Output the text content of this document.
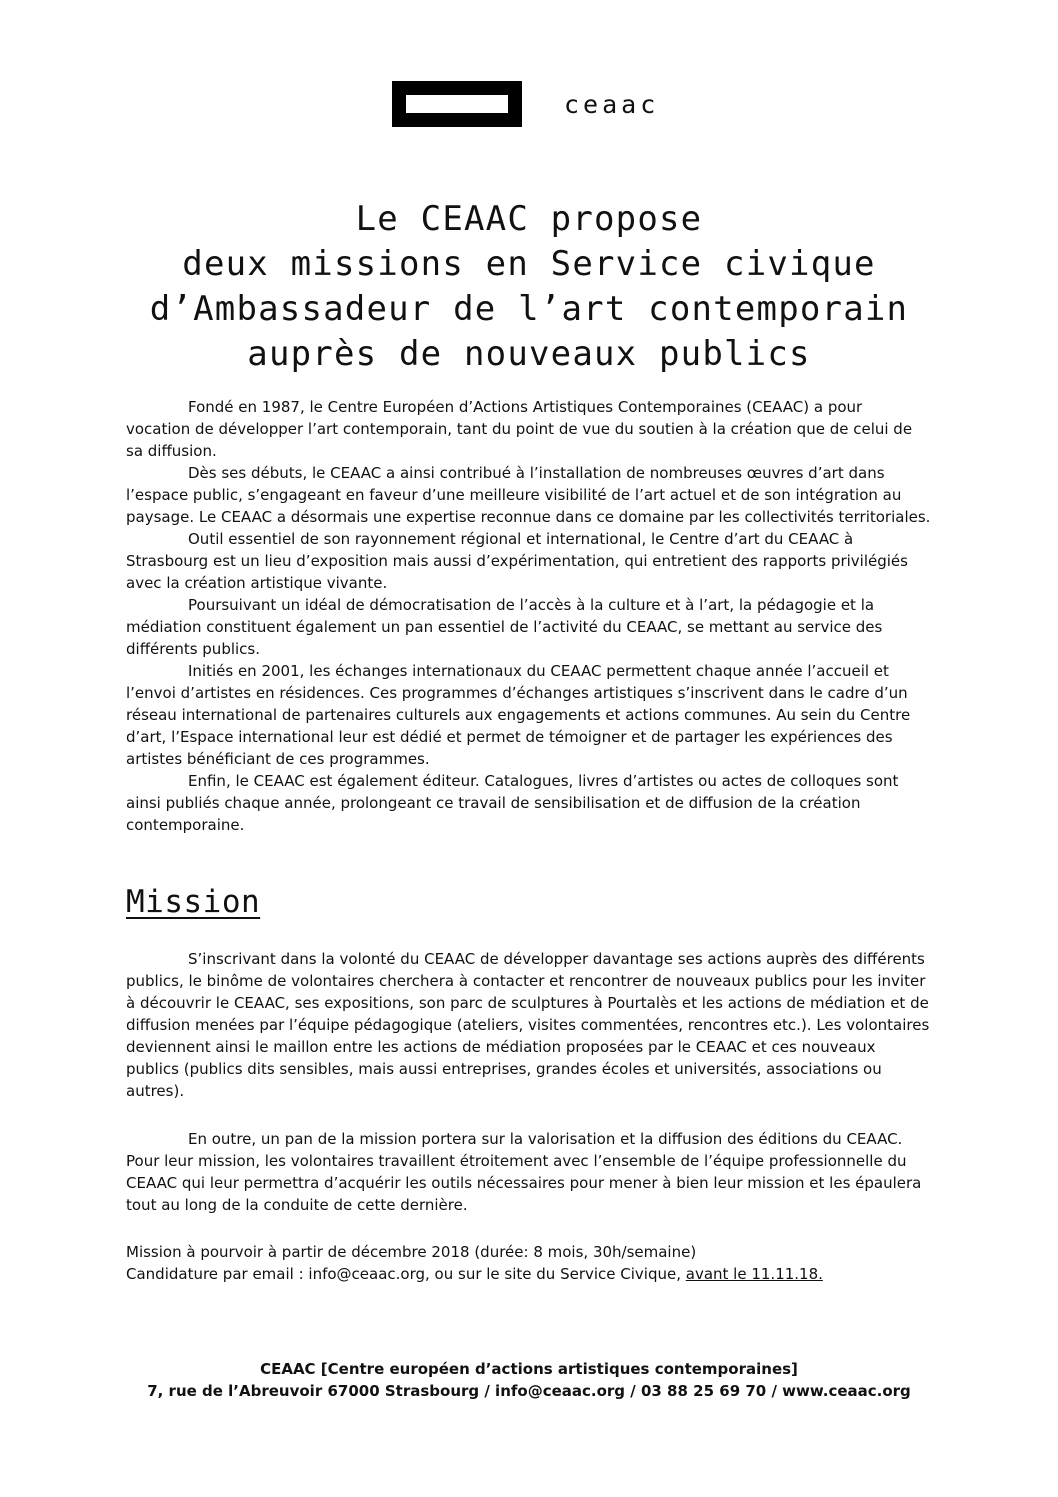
ceaac
Le CEAAC propose
deux missions en Service civique
d’Ambassadeur de l’art contemporain
auprès de nouveaux publics

Fondé en 1987, le Centre Européen d’Actions Artistiques Contemporaines (CEAAC) a pour vocation de développer l’art contemporain, tant du point de vue du soutien à la création que de celui de sa diffusion.

Dès ses débuts, le CEAAC a ainsi contribué à l’installation de nombreuses œuvres d’art dans l’espace public, s’engageant en faveur d’une meilleure visibilité de l’art actuel et de son intégration au paysage. Le CEAAC a désormais une expertise reconnue dans ce domaine par les collectivités territoriales.

Outil essentiel de son rayonnement régional et international, le Centre d’art du CEAAC à Strasbourg est un lieu d’exposition mais aussi d’expérimentation, qui entretient des rapports privilégiés avec la création artistique vivante.

Poursuivant un idéal de démocratisation de l’accès à la culture et à l’art, la pédagogie et la médiation constituent également un pan essentiel de l’activité du CEAAC, se mettant au service des différents publics.

Initiés en 2001, les échanges internationaux du CEAAC permettent chaque année l’accueil et l’envoi d’artistes en résidences. Ces programmes d’échanges artistiques s’inscrivent dans le cadre d’un réseau international de partenaires culturels aux engagements et actions communes. Au sein du Centre d’art, l’Espace international leur est dédié et permet de témoigner et de partager les expériences des artistes bénéficiant de ces programmes.

Enfin, le CEAAC est également éditeur. Catalogues, livres d’artistes ou actes de colloques sont ainsi publiés chaque année, prolongeant ce travail de sensibilisation et de diffusion de la création contemporaine.

Mission

S’inscrivant dans la volonté du CEAAC de développer davantage ses actions auprès des différents publics, le binôme de volontaires cherchera à contacter et rencontrer de nouveaux publics pour les inviter à découvrir le CEAAC, ses expositions, son parc de sculptures à Pourtalès et les actions de médiation et de diffusion menées par l’équipe pédagogique (ateliers, visites commentées, rencontres etc.). Les volontaires deviennent ainsi le maillon entre les actions de médiation proposées par le CEAAC et ces nouveaux publics (publics dits sensibles, mais aussi entreprises, grandes écoles et universités, associations ou autres).

En outre, un pan de la mission portera sur la valorisation et la diffusion des éditions du CEAAC. Pour leur mission, les volontaires travaillent étroitement avec l’ensemble de l’équipe professionnelle du CEAAC qui leur permettra d’acquérir les outils nécessaires pour mener à bien leur mission et les épaulera tout au long de la conduite de cette dernière.

Mission à pourvoir à partir de décembre 2018 (durée: 8 mois, 30h/semaine)
Candidature par email : info@ceaac.org, ou sur le site du Service Civique, avant le 11.11.18.
CEAAC [Centre européen d’actions artistiques contemporaines]
7, rue de l’Abreuvoir 67000 Strasbourg / info@ceaac.org / 03 88 25 69 70 / www.ceaac.org
